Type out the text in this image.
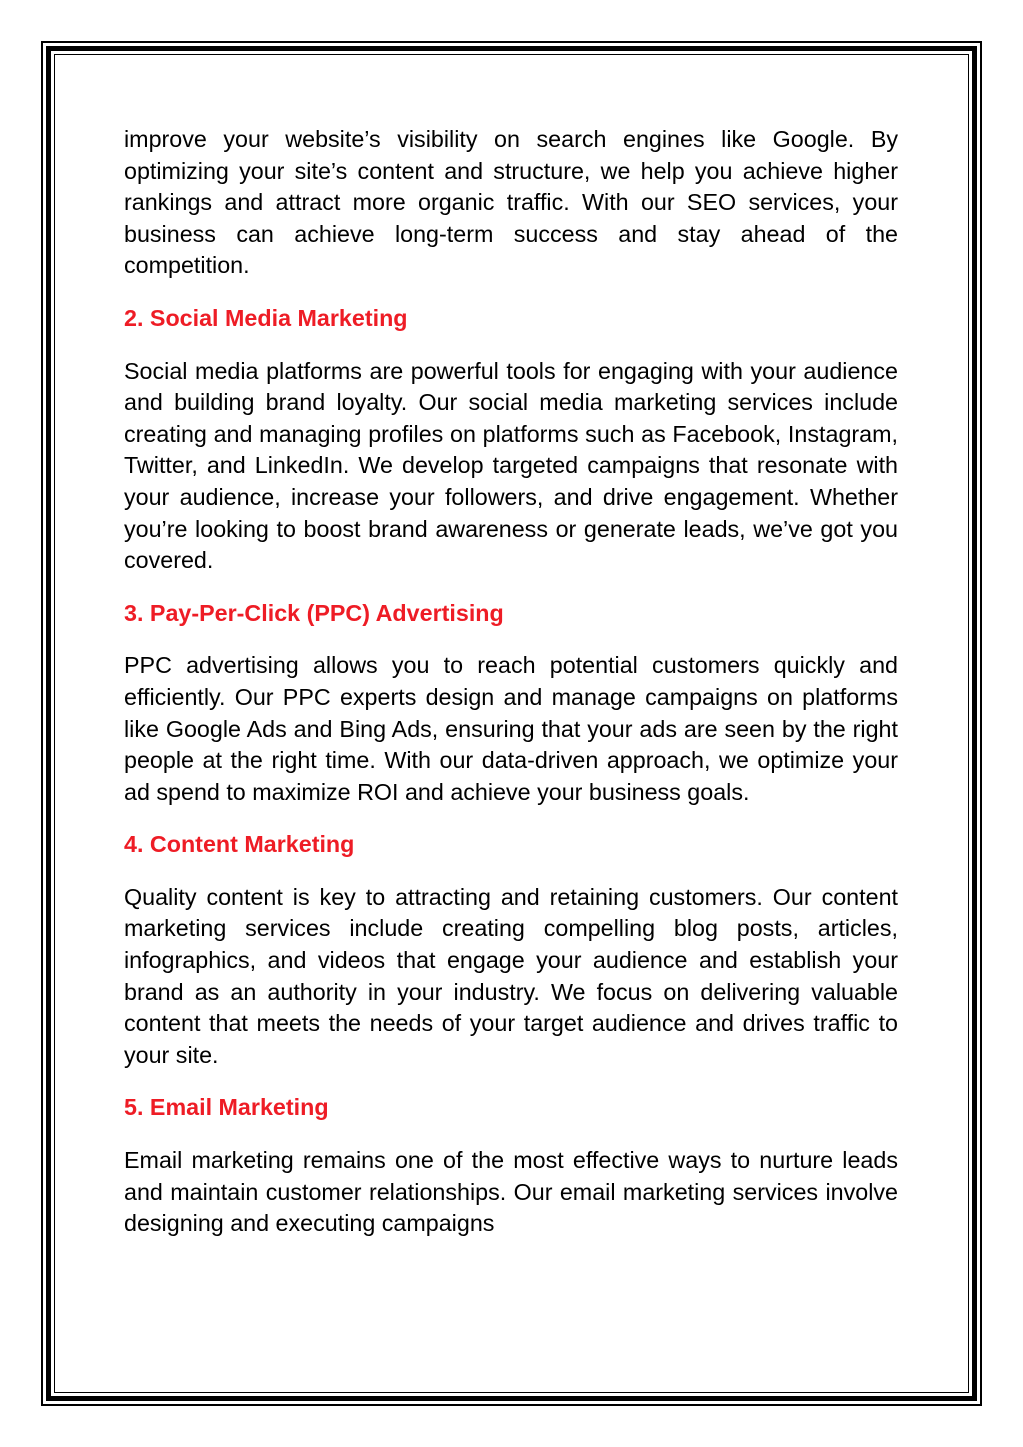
improve your website’s visibility on search engines like Google. By optimizing your site’s content and structure, we help you achieve higher rankings and attract more organic traffic. With our SEO services, your business can achieve long-term success and stay ahead of the competition.

2. Social Media Marketing

Social media platforms are powerful tools for engaging with your audience and building brand loyalty. Our social media marketing services include creating and managing profiles on platforms such as Facebook, Instagram, Twitter, and LinkedIn. We develop targeted campaigns that resonate with your audience, increase your followers, and drive engagement. Whether you’re looking to boost brand awareness or generate leads, we’ve got you covered.

3. Pay-Per-Click (PPC) Advertising

PPC advertising allows you to reach potential customers quickly and efficiently. Our PPC experts design and manage campaigns on platforms like Google Ads and Bing Ads, ensuring that your ads are seen by the right people at the right time. With our data-driven approach, we optimize your ad spend to maximize ROI and achieve your business goals.

4. Content Marketing

Quality content is key to attracting and retaining customers. Our content marketing services include creating compelling blog posts, articles, infographics, and videos that engage your audience and establish your brand as an authority in your industry. We focus on delivering valuable content that meets the needs of your target audience and drives traffic to your site.

5. Email Marketing

Email marketing remains one of the most effective ways to nurture leads and maintain customer relationships. Our email marketing services involve designing and executing campaigns
